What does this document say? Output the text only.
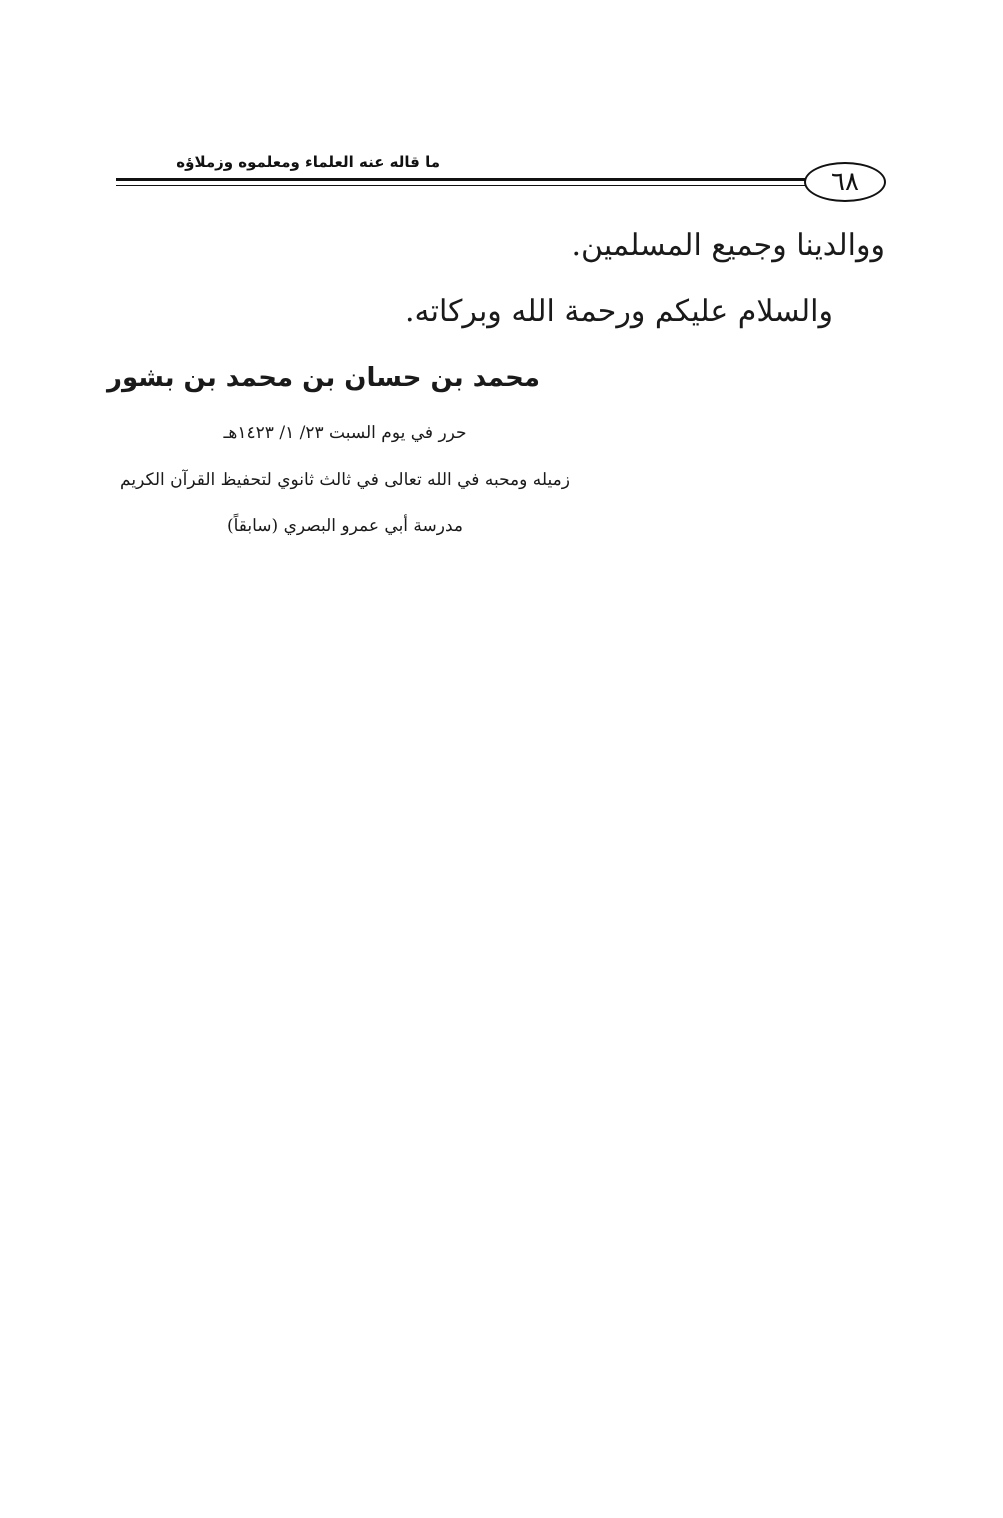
ما قاله عنه العلماء ومعلموه وزملاؤه
٦٨
ووالدينا وجميع المسلمين.
والسلام عليكم ورحمة الله وبركاته.
محمد بن حسان بن محمد بن بشور
حرر في يوم السبت ٢٣/ ١/ ١٤٢٣هـ
زميله ومحبه في الله تعالى في ثالث ثانوي لتحفيظ القرآن الكريم
مدرسة أبي عمرو البصري (سابقاً)
